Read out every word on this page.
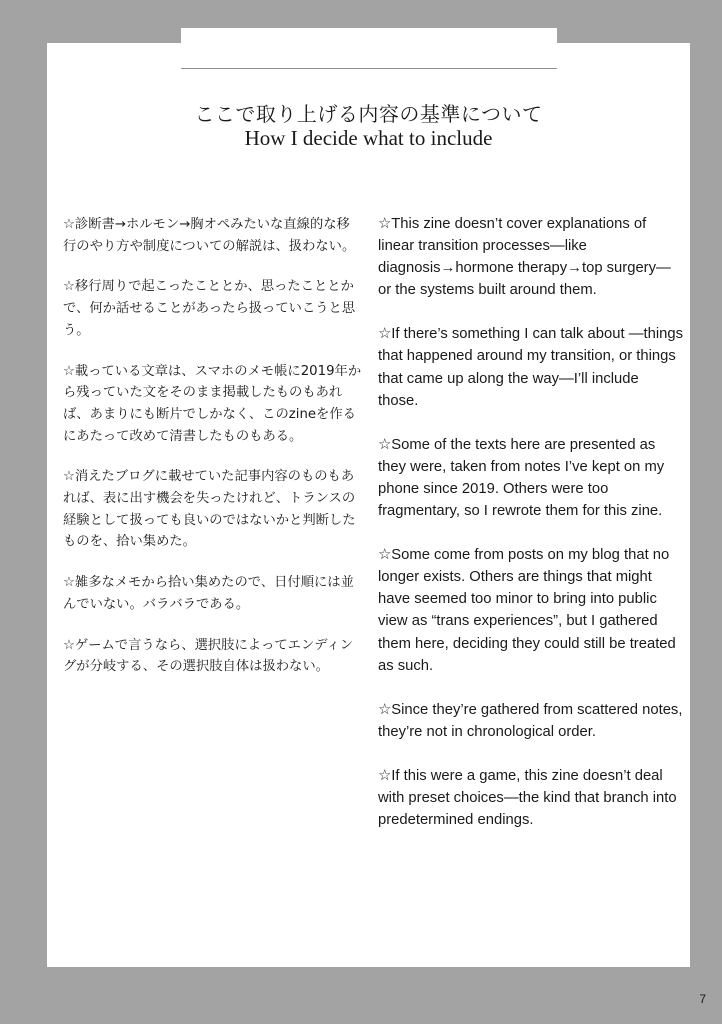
ここで取り上げる内容の基準について
How I decide what to include

☆診断書→ホルモン→胸オペみたいな直線的な移行のやり方や制度についての解説は、扱わない。

☆移行周りで起こったこととか、思ったこととかで、何か話せることがあったら扱っていこうと思う。

☆載っている文章は、スマホのメモ帳に2019年から残っていた文をそのまま掲載したものもあれば、あまりにも断片でしかなく、このzineを作るにあたって改めて清書したものもある。

☆消えたブログに載せていた記事内容のものもあれば、表に出す機会を失ったけれど、トランスの経験として扱っても良いのではないかと判断したものを、拾い集めた。

☆雑多なメモから拾い集めたので、日付順には並んでいない。バラバラである。

☆ゲームで言うなら、選択肢によってエンディングが分岐する、その選択肢自体は扱わない。

☆This zine doesn’t cover explanations of linear transition processes—like diagnosis→hormone therapy→top surgery—or the systems built around them.

☆If there’s something I can talk about —things that happened around my transition, or things that came up along the way—I’ll include those.

☆Some of the texts here are presented as they were, taken from notes I’ve kept on my phone since 2019. Others were too fragmentary, so I rewrote them for this zine.

☆Some come from posts on my blog that no longer exists. Others are things that might have seemed too minor to bring into public view as “trans experiences”, but I gathered them here, deciding they could still be treated as such.

☆Since they’re gathered from scattered notes, they’re not in chronological order.

☆If this were a game, this zine doesn’t deal with preset choices—the kind that branch into predetermined endings.

7
